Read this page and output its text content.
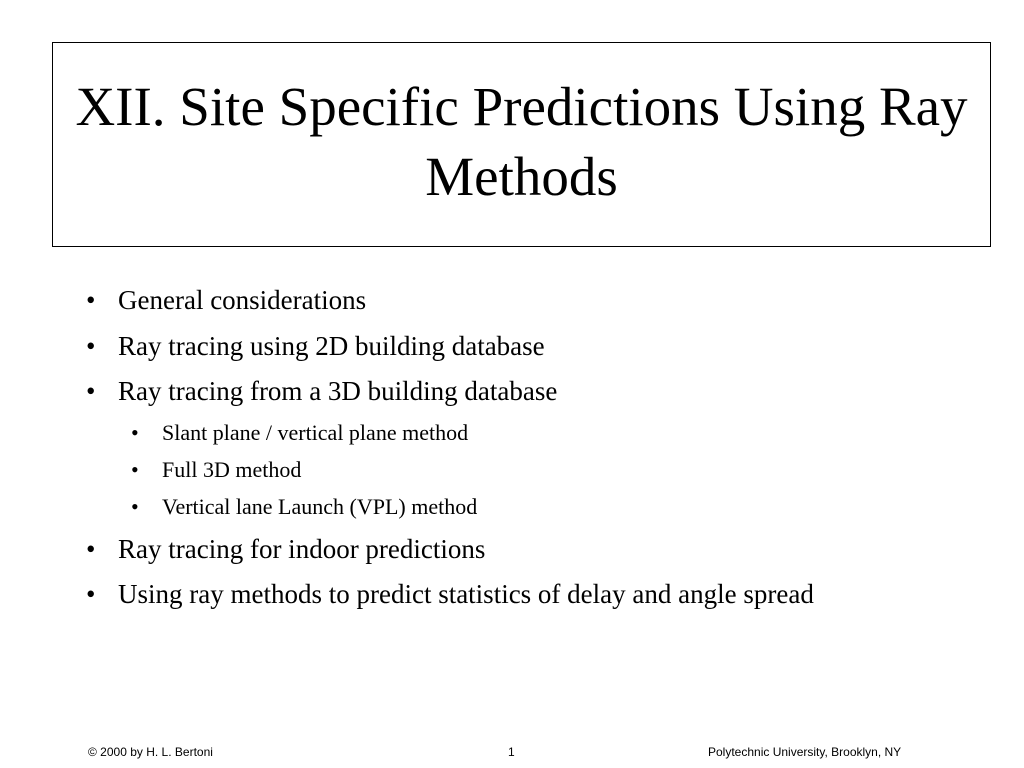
XII. Site Specific Predictions Using Ray Methods
• General considerations
• Ray tracing using 2D building database
• Ray tracing from a 3D building database
• Slant plane / vertical plane method
• Full 3D method
• Vertical lane Launch (VPL) method
• Ray tracing for indoor predictions
• Using ray methods to predict statistics of delay and angle spread
© 2000 by H. L. Bertoni	1	Polytechnic University, Brooklyn, NY
